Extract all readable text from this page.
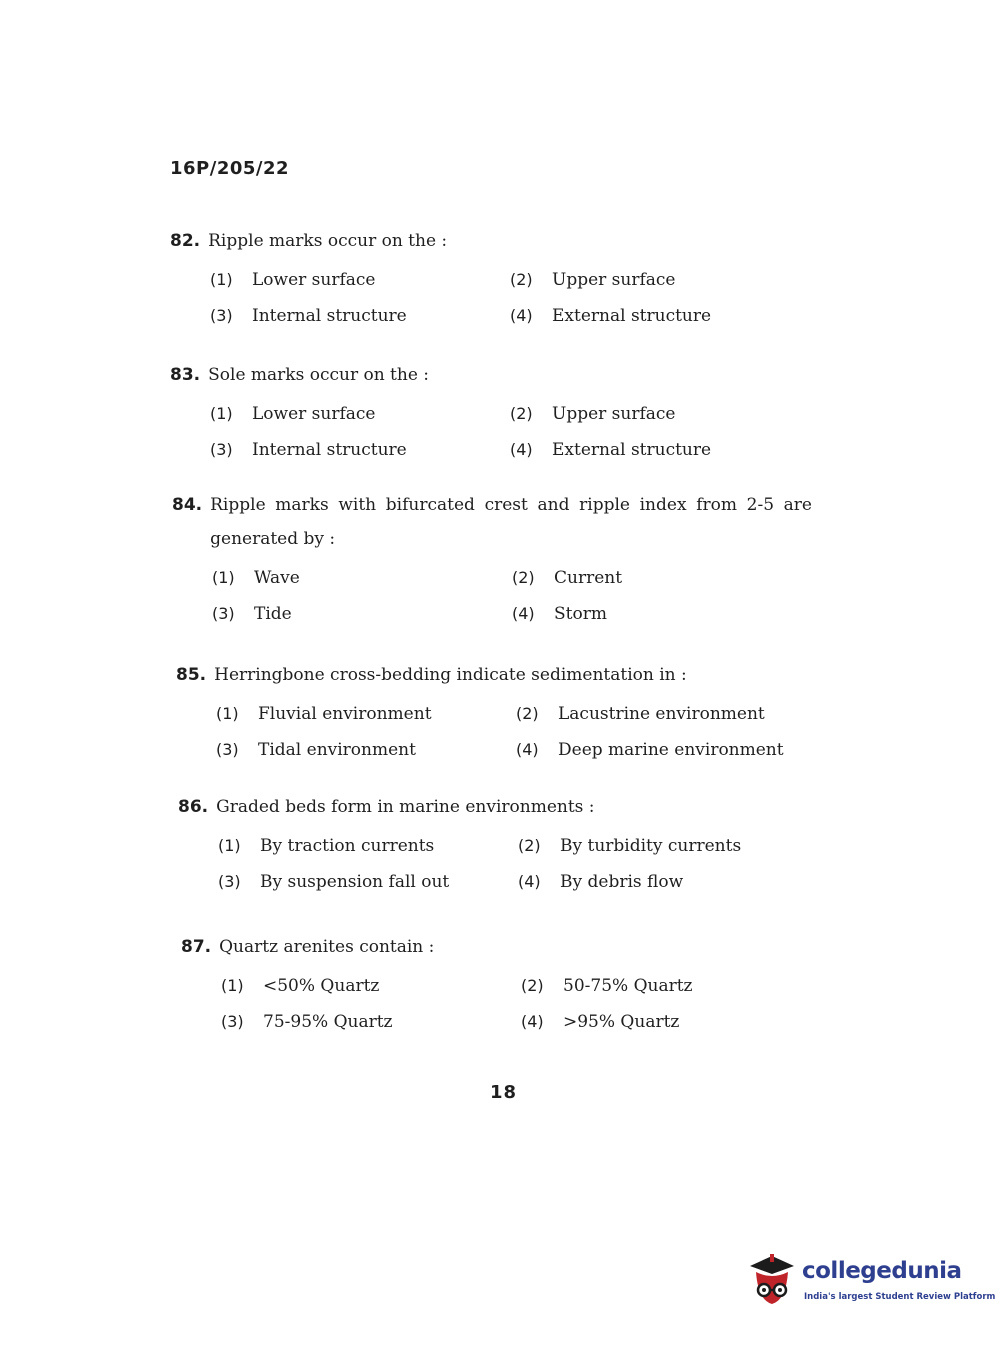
16P/205/22
82. Ripple marks occur on the :
(1)	Lower surface	(2)	Upper surface
(3)	Internal structure	(4)	External structure
83. Sole marks occur on the :
(1)	Lower surface	(2)	Upper surface
(3)	Internal structure	(4)	External structure
84. Ripple marks with bifurcated crest and ripple index from 2-5 are generated by :
(1)	Wave	(2)	Current
(3)	Tide	(4)	Storm
85. Herringbone cross-bedding indicate sedimentation in :
(1)	Fluvial environment	(2)	Lacustrine environment
(3)	Tidal environment	(4)	Deep marine environment
86. Graded beds form in marine environments :
(1)	By traction currents	(2)	By turbidity currents
(3)	By suspension fall out	(4)	By debris flow
87. Quartz arenites contain :
(1)	<50% Quartz	(2)	50-75% Quartz
(3)	75-95% Quartz	(4)	>95% Quartz
18
collegedunia
India's largest Student Review Platform
